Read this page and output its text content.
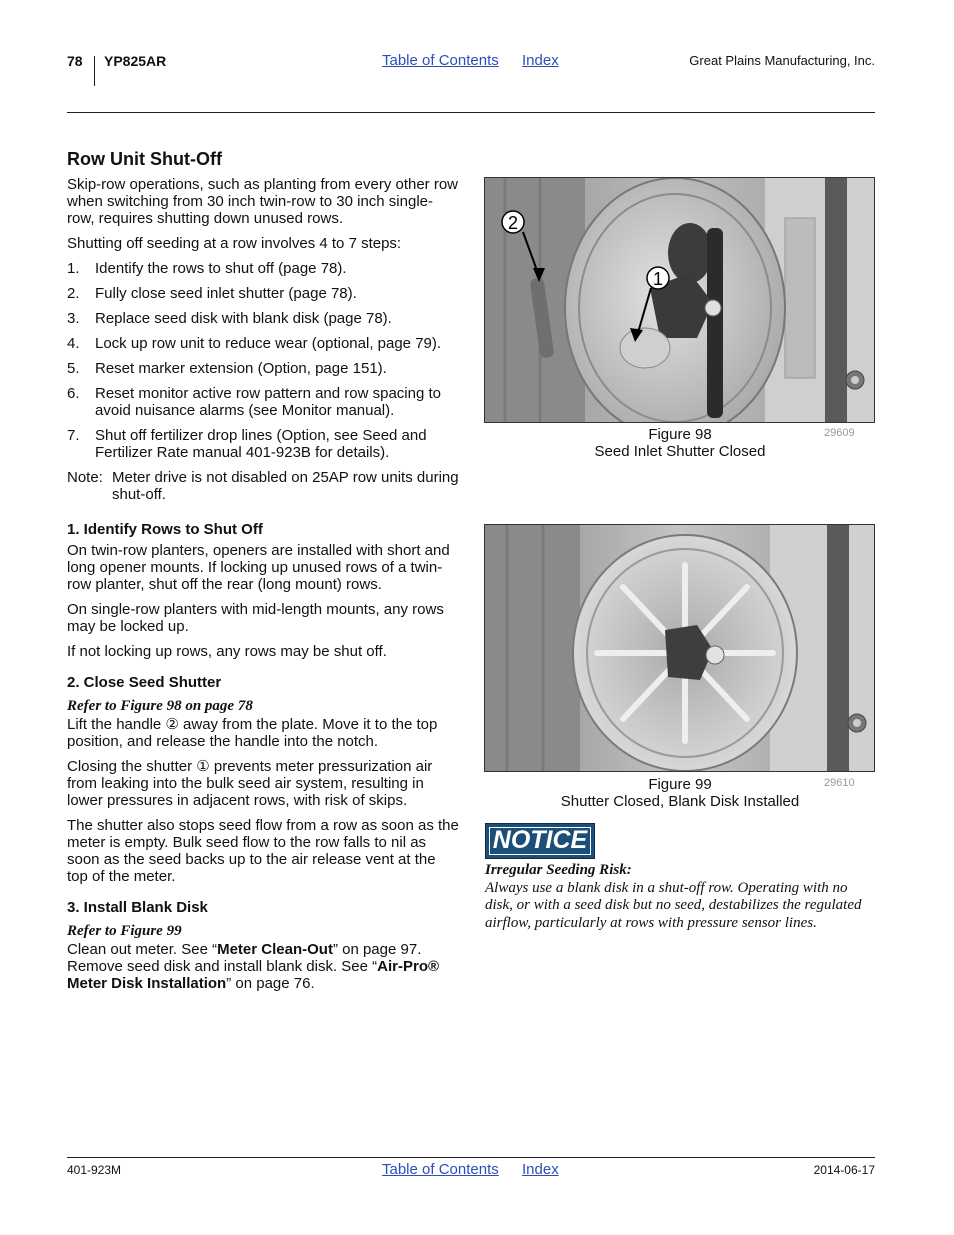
78 YP825AR	Table of Contents Index	Great Plains Manufacturing, Inc.
Row Unit Shut-Off

Skip-row operations, such as planting from every other row when switching from 30 inch twin-row to 30 inch single-row, requires shutting down unused rows.

Shutting off seeding at a row involves 4 to 7 steps:

1.	Identify the rows to shut off (page 78).
2.	Fully close seed inlet shutter (page 78).
3.	Replace seed disk with blank disk (page 78).
4.	Lock up row unit to reduce wear (optional, page 79).
5.	Reset marker extension (Option, page 151).
6.	Reset monitor active row pattern and row spacing to avoid nuisance alarms (see Monitor manual).
7.	Shut off fertilizer drop lines (Option, see Seed and Fertilizer Rate manual 401-923B for details).
Note: Meter drive is not disabled on 25AP row units during shut-off.
1. Identify Rows to Shut Off

On twin-row planters, openers are installed with short and long opener mounts. If locking up unused rows of a twin-row planter, shut off the rear (long mount) rows.

On single-row planters with mid-length mounts, any rows may be locked up.

If not locking up rows, any rows may be shut off.

2. Close Seed Shutter
Refer to Figure 98 on page 78

Lift the handle ② away from the plate. Move it to the top position, and release the handle into the notch.

Closing the shutter ① prevents meter pressurization air from leaking into the bulk seed air system, resulting in lower pressures in adjacent rows, with risk of skips.

The shutter also stops seed flow from a row as soon as the meter is empty. Bulk seed flow to the row falls to nil as soon as the seed backs up to the air release vent at the top of the meter.

3. Install Blank Disk
Refer to Figure 99

Clean out meter. See “Meter Clean-Out” on page 97. Remove seed disk and install blank disk. See “Air-Pro® Meter Disk Installation” on page 76.

2
1
Figure 98
Seed Inlet Shutter Closed
29609
Figure 99
Shutter Closed, Blank Disk Installed
29610
NOTICE
Irregular Seeding Risk:
Always use a blank disk in a shut-off row. Operating with no disk, or with a seed disk but no seed, destabilizes the regulated airflow, particularly at rows with pressure sensor lines.
401-923M	Table of Contents Index	2014-06-17
